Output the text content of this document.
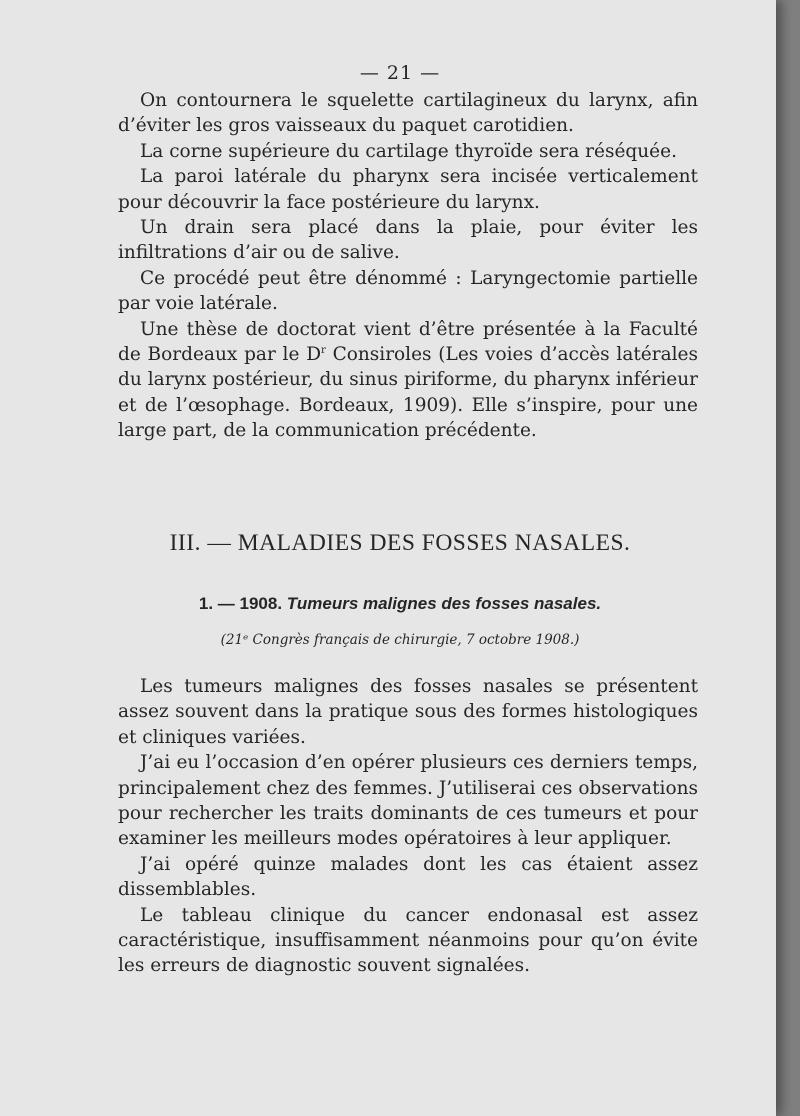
— 21 —

On contournera le squelette cartilagineux du larynx, afin d’éviter les gros vaisseaux du paquet carotidien.

La corne supérieure du cartilage thyroïde sera réséquée.

La paroi latérale du pharynx sera incisée verticalement pour découvrir la face postérieure du larynx.

Un drain sera placé dans la plaie, pour éviter les infiltrations d’air ou de salive.

Ce procédé peut être dénommé : Laryngectomie partielle par voie latérale.

Une thèse de doctorat vient d’être présentée à la Faculté de Bordeaux par le $D^r$ Consiroles (Les voies d’accès latérales du larynx postérieur, du sinus piriforme, du pharynx inférieur et de l’œsophage. Bordeaux, 1909). Elle s’inspire, pour une large part, de la communication précédente.

III. — MALADIES DES FOSSES NASALES.
1. — 1908. Tumeurs malignes des fosses nasales.
(21ᵉ Congrès français de chirurgie, 7 octobre 1908.)

Les tumeurs malignes des fosses nasales se présentent assez souvent dans la pratique sous des formes histologiques et cliniques variées.

J’ai eu l’occasion d’en opérer plusieurs ces derniers temps, principalement chez des femmes. J’utiliserai ces observations pour rechercher les traits dominants de ces tumeurs et pour examiner les meilleurs modes opératoires à leur appliquer.

J’ai opéré quinze malades dont les cas étaient assez dissemblables.

Le tableau clinique du cancer endonasal est assez caractéristique, insuffisamment néanmoins pour qu’on évite les erreurs de diagnostic souvent signalées.
